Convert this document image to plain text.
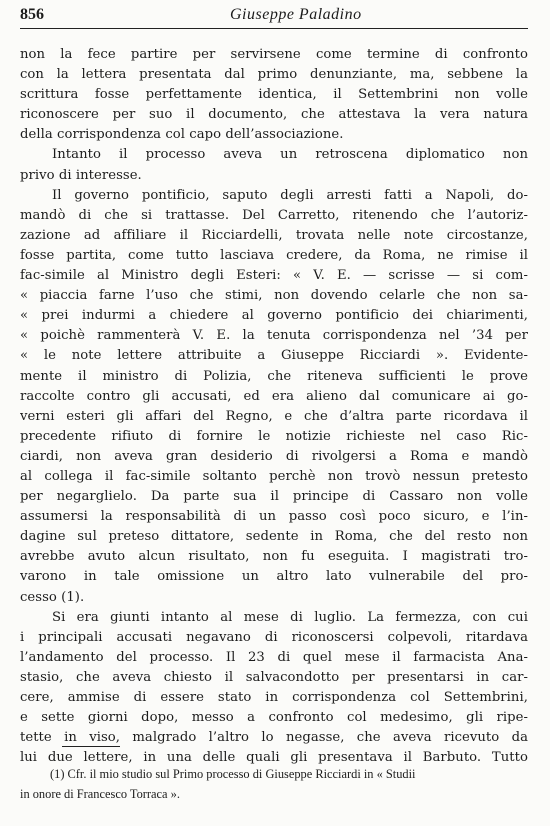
856	Giuseppe Paladino
non la fece partire per servirsene come termine di confronto
con la lettera presentata dal primo denunziante, ma, sebbene la
scrittura fosse perfettamente identica, il Settembrini non volle
riconoscere per suo il documento, che attestava la vera natura
della corrispondenza col capo dell’associazione.
Intanto il processo aveva un retroscena diplomatico non
privo di interesse.
Il governo pontificio, saputo degli arresti fatti a Napoli, do-
mandò di che si trattasse. Del Carretto, ritenendo che l’autoriz-
zazione ad affiliare il Ricciardelli, trovata nelle note circostanze,
fosse partita, come tutto lasciava credere, da Roma, ne rimise il
fac-simile al Ministro degli Esteri: « V. E. — scrisse — si com-
« piaccia farne l’uso che stimi, non dovendo celarle che non sa-
« prei indurmi a chiedere al governo pontificio dei chiarimenti,
« poichè rammenterà V. E. la tenuta corrispondenza nel ’34 per
« le note lettere attribuite a Giuseppe Ricciardi ». Evidente-
mente il ministro di Polizia, che riteneva sufficienti le prove
raccolte contro gli accusati, ed era alieno dal comunicare ai go-
verni esteri gli affari del Regno, e che d’altra parte ricordava il
precedente rifiuto di fornire le notizie richieste nel caso Ric-
ciardi, non aveva gran desiderio di rivolgersi a Roma e mandò
al collega il fac-simile soltanto perchè non trovò nessun pretesto
per negarglielo. Da parte sua il principe di Cassaro non volle
assumersi la responsabilità di un passo così poco sicuro, e l’in-
dagine sul preteso dittatore, sedente in Roma, che del resto non
avrebbe avuto alcun risultato, non fu eseguita. I magistrati tro-
varono in tale omissione un altro lato vulnerabile del pro-
cesso (1).
Si era giunti intanto al mese di luglio. La fermezza, con cui
i principali accusati negavano di riconoscersi colpevoli, ritardava
l’andamento del processo. Il 23 di quel mese il farmacista Ana-
stasio, che aveva chiesto il salvacondotto per presentarsi in car-
cere, ammise di essere stato in corrispondenza col Settembrini,
e sette giorni dopo, messo a confronto col medesimo, gli ripe-
tette in viso, malgrado l’altro lo negasse, che aveva ricevuto da
lui due lettere, in una delle quali gli presentava il Barbuto. Tutto
(1) Cfr. il mio studio sul Primo processo di Giuseppe Ricciardi in « Studii
in onore di Francesco Torraca ».
